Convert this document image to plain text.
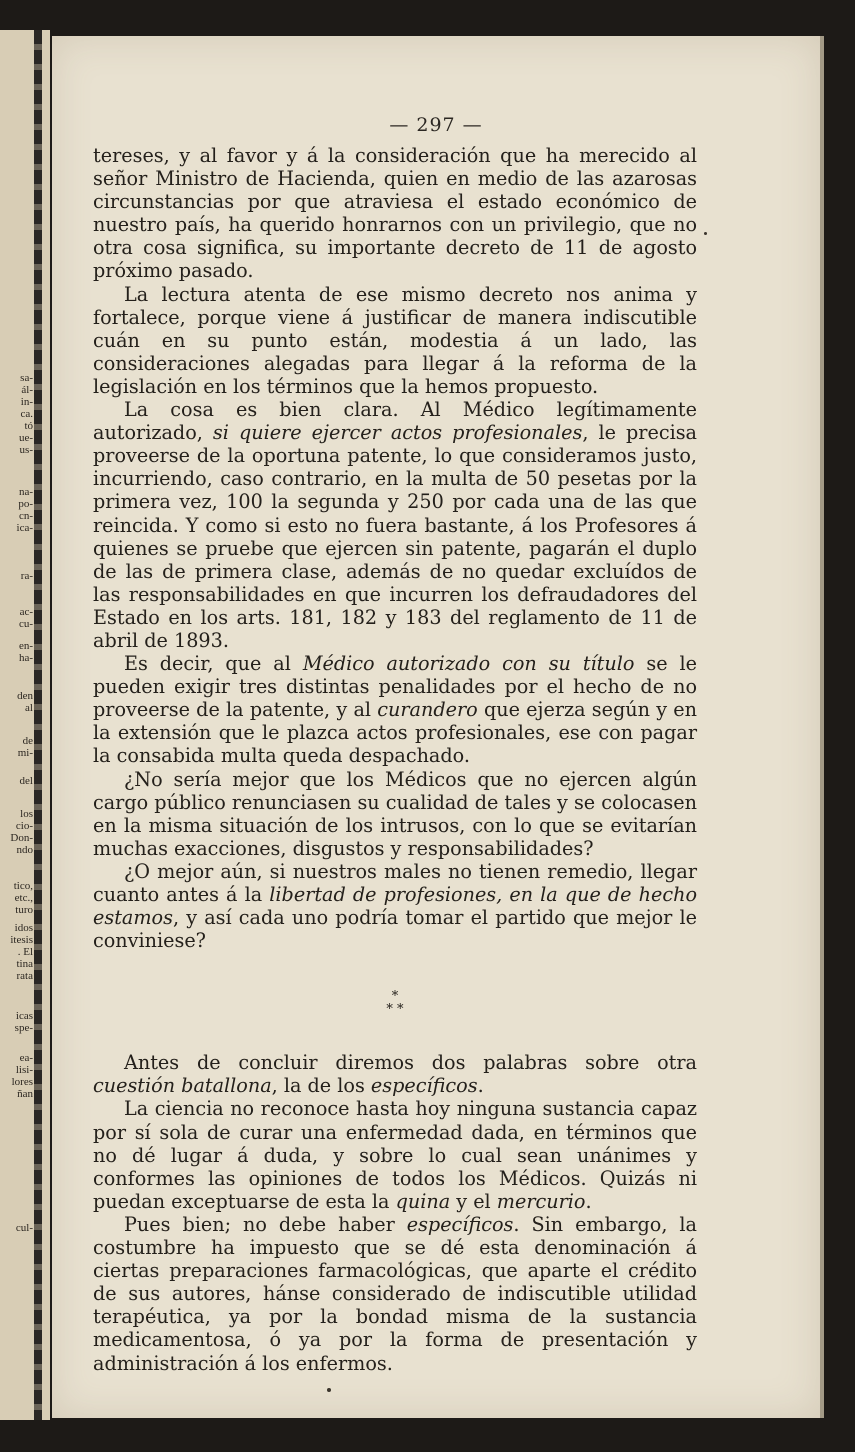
sa-
ál-
in-
ca.
tó
ue-
us-
na-
po-
cn-
ica-
ra-
ac-
cu-
en-
ha-
den
al
de
mi-
del
los
cio-
Don-
ndo
tico,
etc.,
turo
idos
itesis
. El
tina
rata
icas
spe-
ea-
lisi-
lores
ñan
cul-
— 297 —

tereses, y al favor y á la consideración que ha merecido al señor Ministro de Hacienda, quien en medio de las azarosas circunstancias por que atraviesa el estado económico de nuestro país, ha querido honrarnos con un privilegio, que no otra cosa significa, su importante decreto de 11 de agosto próximo pasado.

La lectura atenta de ese mismo decreto nos anima y fortalece, porque viene á justificar de manera indiscutible cuán en su punto están, modestia á un lado, las consideraciones alegadas para llegar á la reforma de la legislación en los términos que la hemos propuesto.

La cosa es bien clara. Al Médico legítimamente autorizado, si quiere ejercer actos profesionales, le precisa proveerse de la oportuna patente, lo que consideramos justo, incurriendo, caso contrario, en la multa de 50 pesetas por la primera vez, 100 la segunda y 250 por cada una de las que reincida. Y como si esto no fuera bastante, á los Profesores á quienes se pruebe que ejercen sin patente, pagarán el duplo de las de primera clase, además de no quedar excluídos de las responsabilidades en que incurren los defraudadores del Estado en los arts. 181, 182 y 183 del reglamento de 11 de abril de 1893.

Es decir, que al Médico autorizado con su título se le pueden exigir tres distintas penalidades por el hecho de no proveerse de la patente, y al curandero que ejerza según y en la extensión que le plazca actos profesionales, ese con pagar la consabida multa queda despachado.

¿No sería mejor que los Médicos que no ejercen algún cargo público renunciasen su cualidad de tales y se colocasen en la misma situación de los intrusos, con lo que se evitarían muchas exacciones, disgustos y responsabilidades?

¿O mejor aún, si nuestros males no tienen remedio, llegar cuanto antes á la libertad de profesiones, en la que de hecho estamos, y así cada uno podría tomar el partido que mejor le conviniese?

*
* *

Antes de concluir diremos dos palabras sobre otra cuestión batallona, la de los específicos.

La ciencia no reconoce hasta hoy ninguna sustancia capaz por sí sola de curar una enfermedad dada, en términos que no dé lugar á duda, y sobre lo cual sean unánimes y conformes las opiniones de todos los Médicos. Quizás ni puedan exceptuarse de esta la quina y el mercurio.

Pues bien; no debe haber específicos. Sin embargo, la costumbre ha impuesto que se dé esta denominación á ciertas preparaciones farmacológicas, que aparte el crédito de sus autores, hánse considerado de indiscutible utilidad terapéutica, ya por la bondad misma de la sustancia medicamentosa, ó ya por la forma de presentación y administración á los enfermos.
